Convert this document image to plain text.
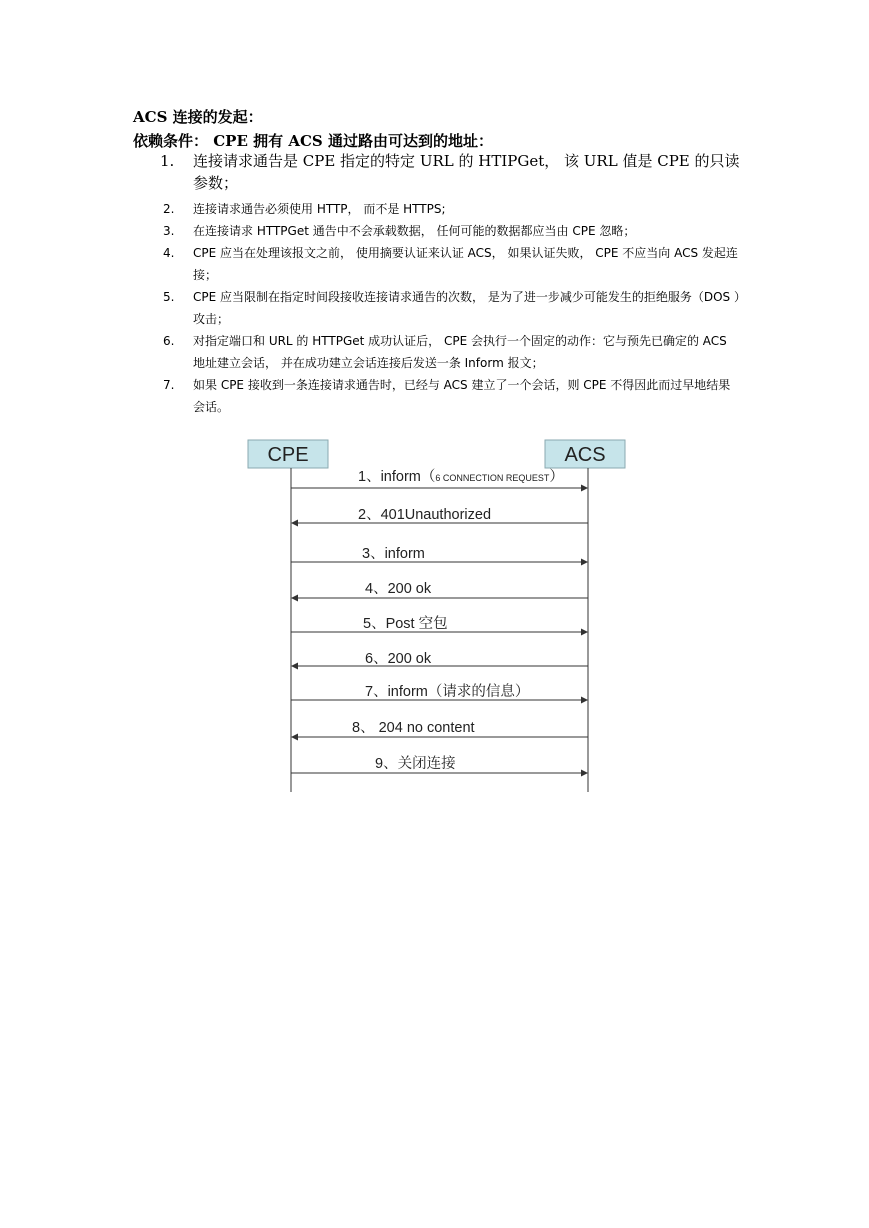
ACS 连接的发起：
依赖条件： CPE 拥有 ACS 通过路由可达到的地址：
1.	连接请求通告是 CPE 指定的特定 URL 的 HTIPGet， 该 URL 值是 CPE 的只读参数；
2.	连接请求通告必须使用 HTTP， 而不是 HTTPS;
3.	在连接请求 HTTPGet 通告中不会承载数据， 任何可能的数据都应当由 CPE 忽略；
4.	CPE 应当在处理该报文之前， 使用摘要认证来认证 ACS， 如果认证失败， CPE 不应当向 ACS 发起连接；
5.	CPE 应当限制在指定时间段接收连接请求通告的次数， 是为了进一步减少可能发生的拒绝服务（DOS ）攻击；
6.	对指定端口和 URL 的 HTTPGet 成功认证后， CPE 会执行一个固定的动作：它与预先已确定的 ACS 地址建立会话， 并在成功建立会话连接后发送一条 Inform 报文；
7.	如果 CPE 接收到一条连接请求通告时，已经与 ACS 建立了一个会话，则 CPE 不得因此而过早地结果会话。
CPE	ACS
1、inform（6 CONNECTION REQUEST）
2、401Unauthorized
3、inform
4、200 ok
5、Post 空包
6、200 ok
7、inform（请求的信息）
8、 204 no content
9、关闭连接
